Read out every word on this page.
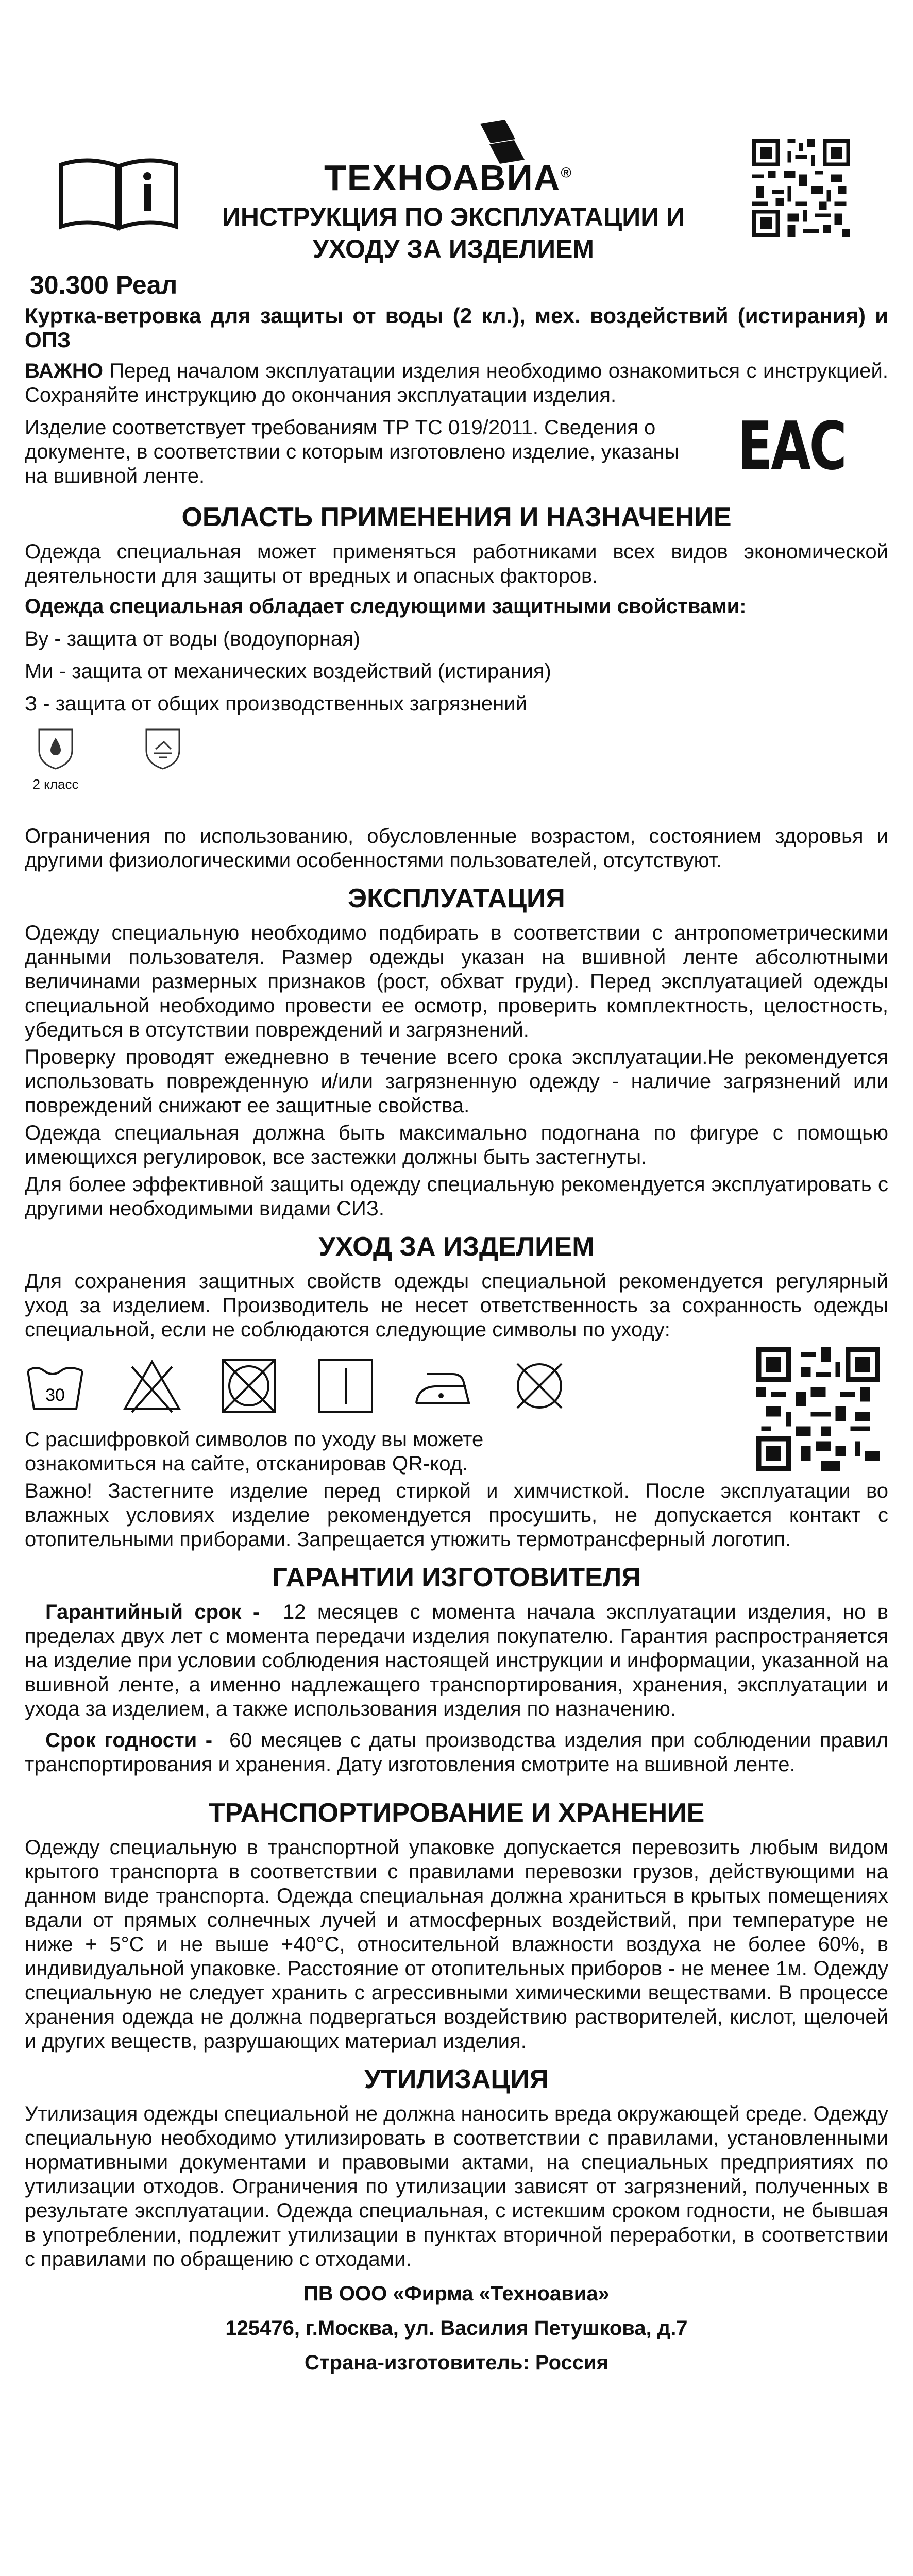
ТЕХНОАВИА®
ИНСТРУКЦИЯ ПО ЭКСПЛУАТАЦИИ И
УХОДУ ЗА ИЗДЕЛИЕМ

30.300 Реал

Куртка-ветровка для защиты от воды (2 кл.), мех. воздействий (истирания) и ОПЗ

ВАЖНО Перед началом эксплуатации изделия необходимо ознакомиться с инструкцией. Сохраняйте инструкцию до окончания эксплуатации изделия.

Изделие соответствует требованиям ТР ТС 019/2011. Сведения о документе, в соответствии с которым изготовлено изделие, указаны на вшивной ленте.	ЕАС
ОБЛАСТЬ ПРИМЕНЕНИЯ И НАЗНАЧЕНИЕ

Одежда специальная может применяться работниками всех видов экономической деятельности для защиты от вредных и опасных факторов.

Одежда специальная обладает следующими защитными свойствами:

Ву - защита от воды (водоупорная)

Ми - защита от механических воздействий (истирания)

З - защита от общих производственных загрязнений

2 класс

Ограничения по использованию, обусловленные возрастом, состоянием здоровья и другими физиологическими особенностями пользователей, отсутствуют.

ЭКСПЛУАТАЦИЯ

Одежду специальную необходимо подбирать в соответствии с антропометрическими данными пользователя. Размер одежды указан на вшивной ленте абсолютными величинами размерных признаков (рост, обхват груди). Перед эксплуатацией одежды специальной необходимо провести ее осмотр, проверить комплектность, целостность, убедиться в отсутствии повреждений и загрязнений.

Проверку проводят ежедневно в течение всего срока эксплуатации.Не рекомендуется использовать поврежденную и/или загрязненную одежду - наличие загрязнений или повреждений снижают ее защитные свойства.

Одежда специальная должна быть максимально подогнана по фигуре с помощью имеющихся регулировок, все застежки должны быть застегнуты.

Для более эффективной защиты одежду специальную рекомендуется эксплуатировать с другими необходимыми видами СИЗ.

УХОД ЗА ИЗДЕЛИЕМ

Для сохранения защитных свойств одежды специальной рекомендуется регулярный уход за изделием. Производитель не несет ответственность за сохранность одежды специальной, если не соблюдаются следующие символы по уходу:

30

С расшифровкой символов по уходу вы можете ознакомиться на сайте, отсканировав QR-код.

Важно! Застегните изделие перед стиркой и химчисткой. После эксплуатации во влажных условиях изделие рекомендуется просушить, не допускается контакт с отопительными приборами. Запрещается утюжить термотрансферный логотип.

ГАРАНТИИ ИЗГОТОВИТЕЛЯ

Гарантийный срок - 12 месяцев с момента начала эксплуатации изделия, но в пределах двух лет с момента передачи изделия покупателю. Гарантия распространяется на изделие при условии соблюдения настоящей инструкции и информации, указанной на вшивной ленте, а именно надлежащего транспортирования, хранения, эксплуатации и ухода за изделием, а также использования изделия по назначению.

Срок годности - 60 месяцев с даты производства изделия при соблюдении правил транспортирования и хранения. Дату изготовления смотрите на вшивной ленте.

ТРАНСПОРТИРОВАНИЕ И ХРАНЕНИЕ

Одежду специальную в транспортной упаковке допускается перевозить любым видом крытого транспорта в соответствии с правилами перевозки грузов, действующими на данном виде транспорта. Одежда специальная должна храниться в крытых помещениях вдали от прямых солнечных лучей и атмосферных воздействий, при температуре не ниже + 5°С и не выше +40°С, относительной влажности воздуха не более 60%, в индивидуальной упаковке. Расстояние от отопительных приборов - не менее 1м. Одежду специальную не следует хранить с агрессивными химическими веществами. В процессе хранения одежда не должна подвергаться воздействию растворителей, кислот, щелочей и других веществ, разрушающих материал изделия.

УТИЛИЗАЦИЯ

Утилизация одежды специальной не должна наносить вреда окружающей среде. Одежду специальную необходимо утилизировать в соответствии с правилами, установленными нормативными документами и правовыми актами, на специальных предприятиях по утилизации отходов. Ограничения по утилизации зависят от загрязнений, полученных в результате эксплуатации. Одежда специальная, с истекшим сроком годности, не бывшая в употреблении, подлежит утилизации в пунктах вторичной переработки, в соответствии с правилами по обращению с отходами.

ПВ ООО «Фирма «Техноавиа»

125476, г.Москва, ул. Василия Петушкова, д.7

Страна-изготовитель: Россия
